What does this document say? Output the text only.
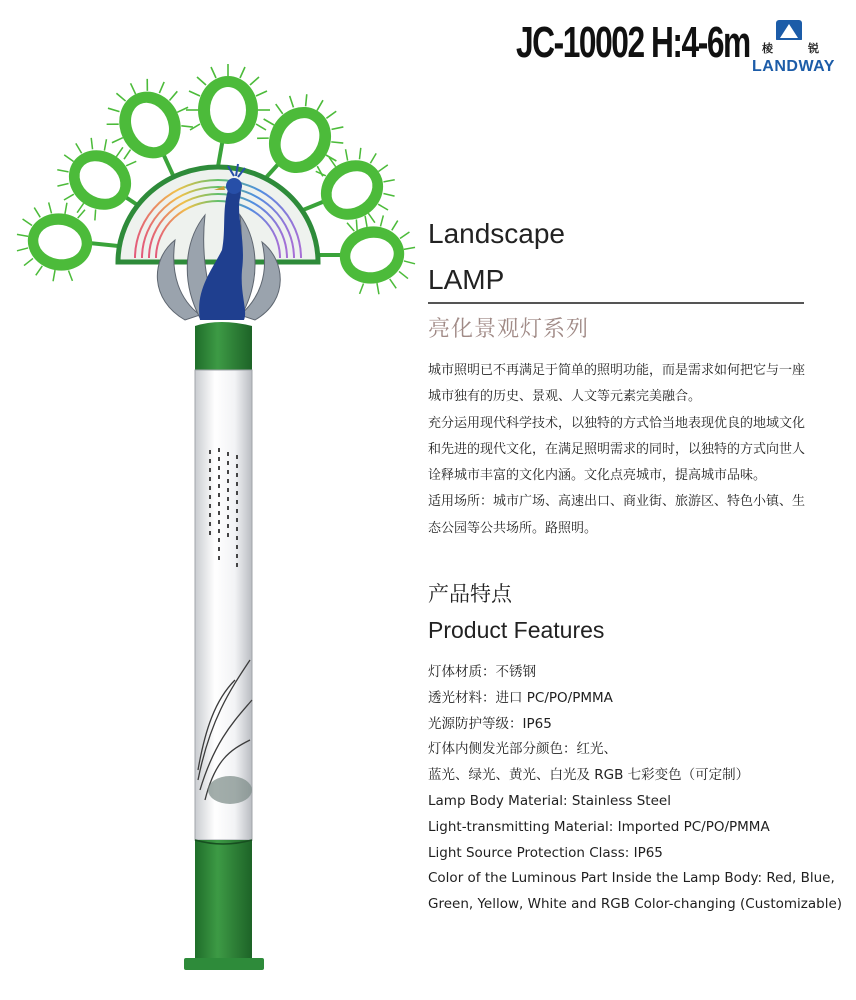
JC-10002 H:4-6m 棱	锐
LANDWAY
Landscape
LAMP
亮化景观灯系列

城市照明已不再满足于简单的照明功能，而是需求如何把它与一座城市独有的历史、景观、人文等元素完美融合。

充分运用现代科学技术，以独特的方式恰当地表现优良的地域文化和先进的现代文化，在满足照明需求的同时，以独特的方式向世人诠释城市丰富的文化内涵。文化点亮城市，提高城市品味。

适用场所：城市广场、高速出口、商业街、旅游区、特色小镇、生态公园等公共场所。路照明。

产品特点
Product Features

灯体材质：不锈钢

透光材料：进口 PC/PO/PMMA

光源防护等级：IP65

灯体内侧发光部分颜色：红光、

蓝光、绿光、黄光、白光及 RGB 七彩变色（可定制）

Lamp Body Material: Stainless Steel

Light-transmitting Material: Imported PC/PO/PMMA

Light Source Protection Class: IP65

Color of the Luminous Part Inside the Lamp Body: Red, Blue, Green, Yellow, White and RGB Color-changing (Customizable)
